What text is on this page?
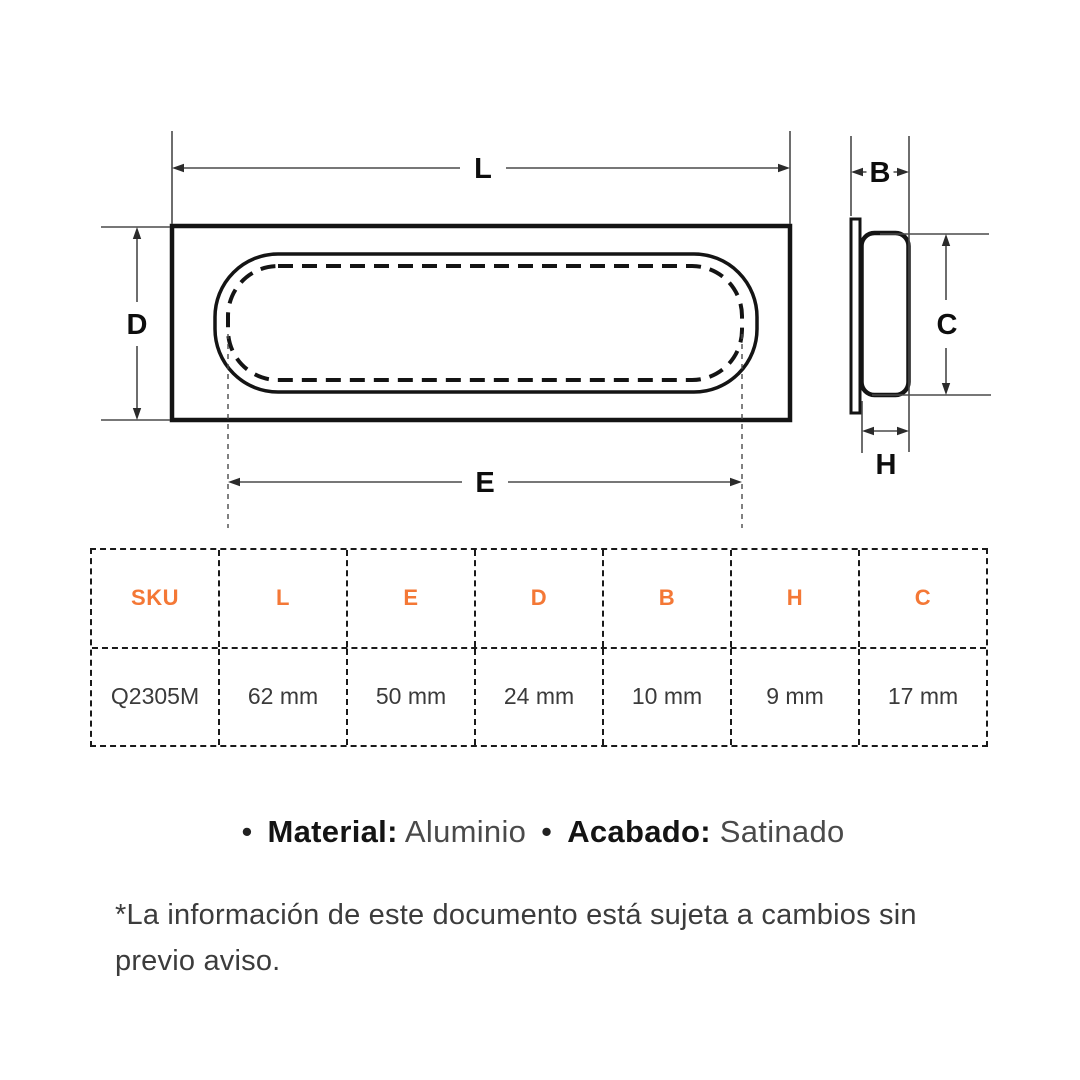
L
D
E
B
C
H
SKU	L	E	D	B	H	C
Q2305M	62 mm	50 mm	24 mm	10 mm	9 mm	17 mm
• Material: Aluminio • Acabado: Satinado
*La información de este documento está sujeta a cambios sin
previo aviso.
